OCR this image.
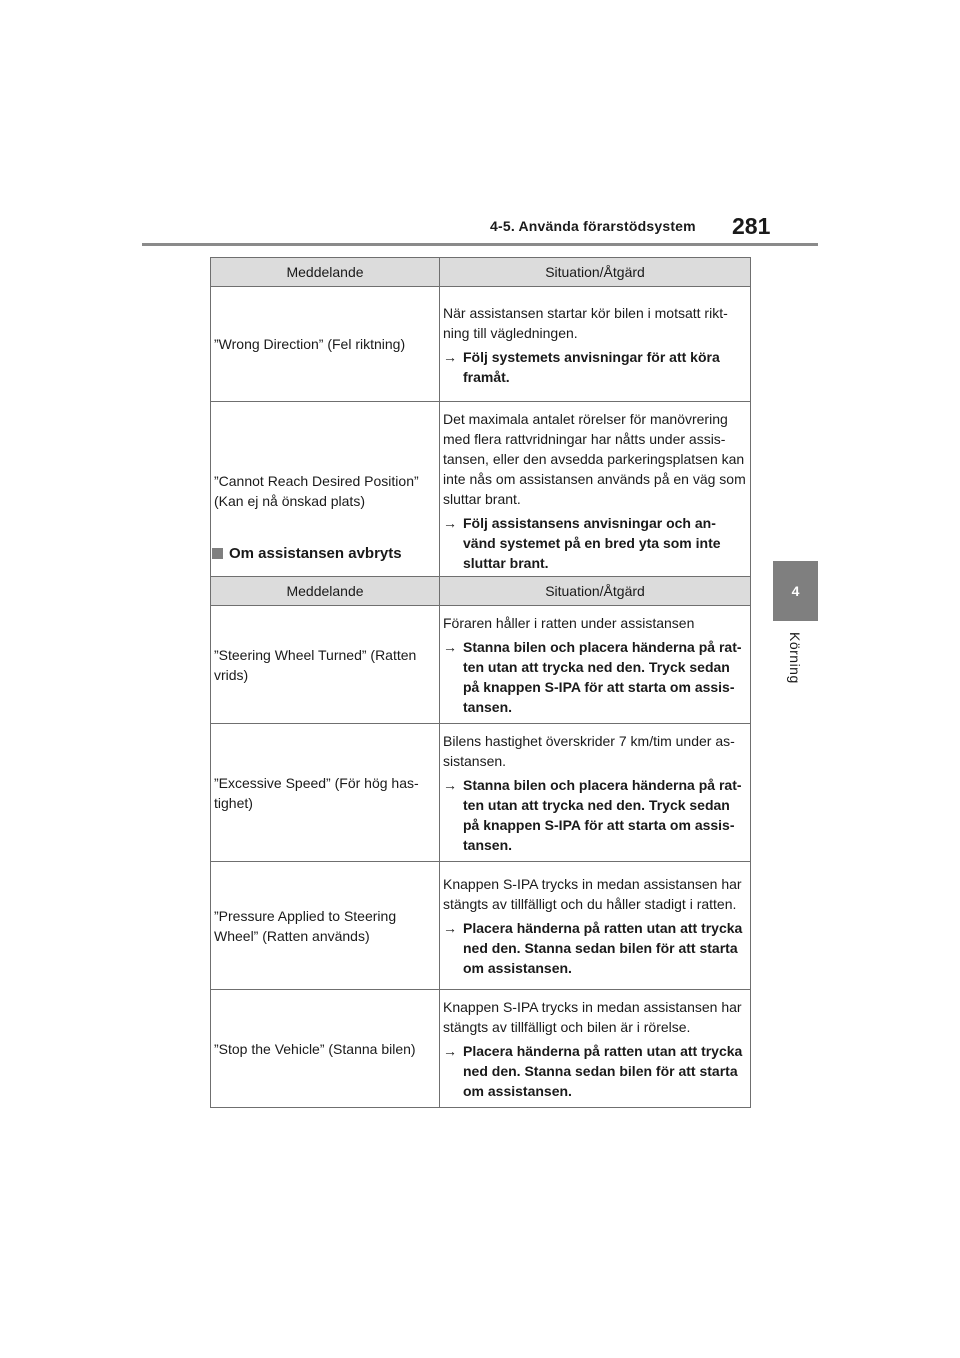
4-5. Använda förarstödsystem 281
4
Körning
Meddelande	Situation/Åtgärd
”Wrong Direction” (Fel riktning)	När assistansen startar kör bilen i motsatt rikt-ning till vägledningen.

→ Följ systemets anvisningar för att köra framåt.

”Cannot Reach Desired Position” (Kan ej nå önskad plats)	Det maximala antalet rörelser för manövrering med flera rattvridningar har nåtts under assis-tansen, eller den avsedda parkeringsplatsen kan inte nås om assistansen används på en väg som sluttar brant.

→ Följ assistansens anvisningar och an-vänd systemet på en bred yta som inte sluttar brant.
Om assistansen avbryts
Meddelande	Situation/Åtgärd
”Steering Wheel Turned” (Ratten vrids)	Föraren håller i ratten under assistansen

→ Stanna bilen och placera händerna på rat-ten utan att trycka ned den. Tryck sedan på knappen S-IPA för att starta om assis-tansen.

”Excessive Speed” (För hög has-tighet)	Bilens hastighet överskrider 7 km/tim under as-sistansen.

→ Stanna bilen och placera händerna på rat-ten utan att trycka ned den. Tryck sedan på knappen S-IPA för att starta om assis-tansen.

”Pressure Applied to Steering Wheel” (Ratten används)	Knappen S-IPA trycks in medan assistansen har stängts av tillfälligt och du håller stadigt i ratten.

→ Placera händerna på ratten utan att trycka ned den. Stanna sedan bilen för att starta om assistansen.

”Stop the Vehicle” (Stanna bilen)	Knappen S-IPA trycks in medan assistansen har stängts av tillfälligt och bilen är i rörelse.

→ Placera händerna på ratten utan att trycka ned den. Stanna sedan bilen för att starta om assistansen.
